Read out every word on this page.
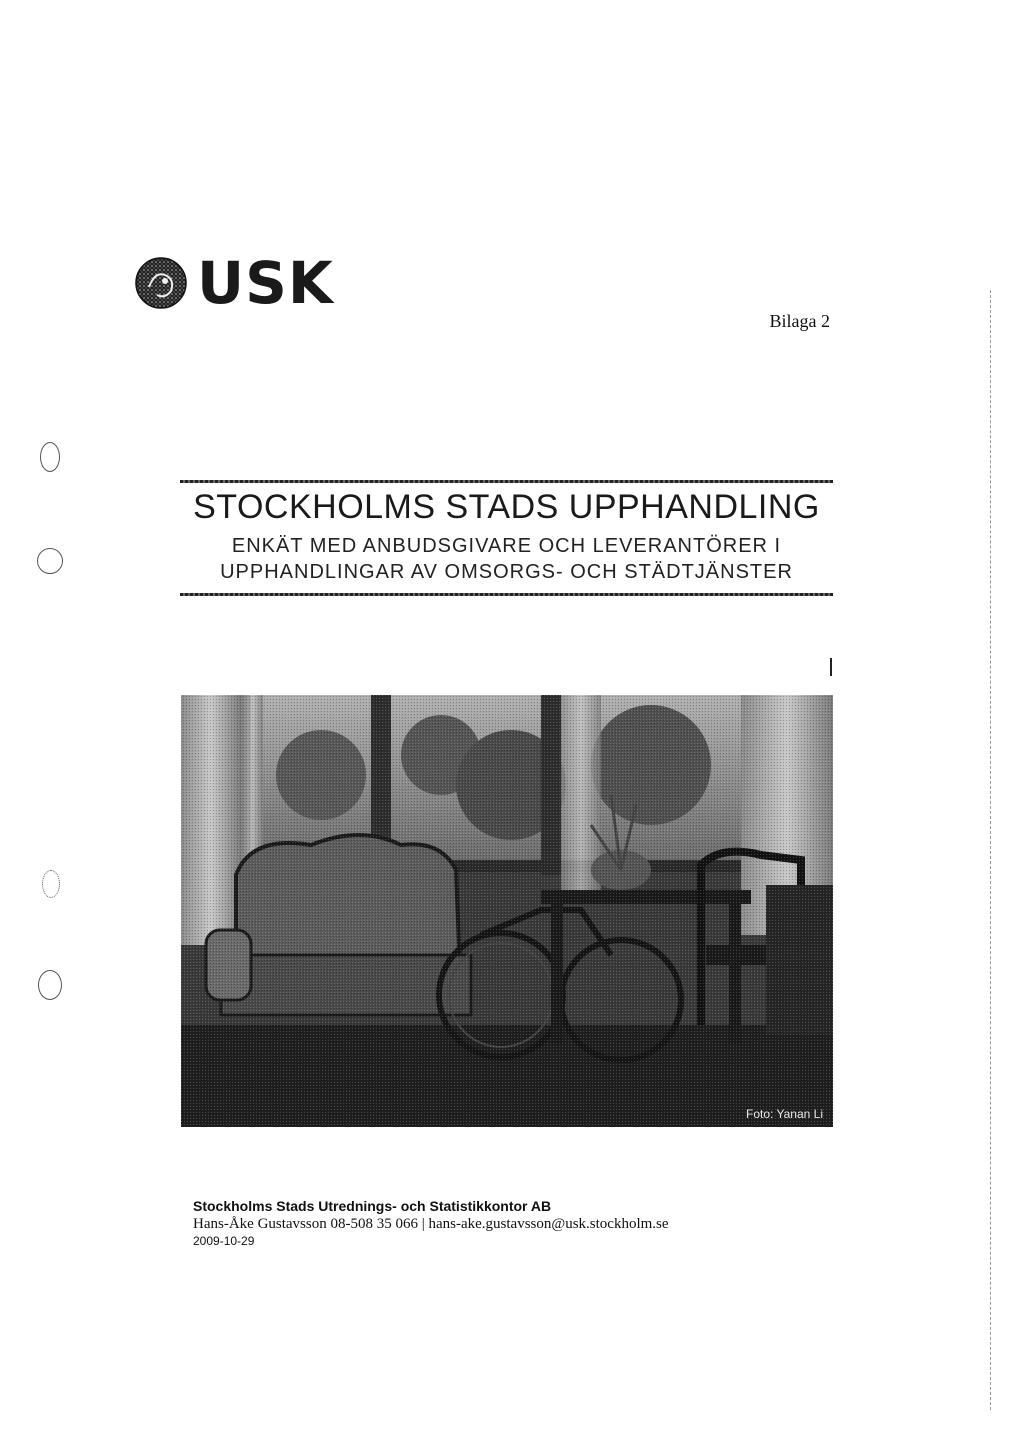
USK
Bilaga 2
STOCKHOLMS STADS UPPHANDLING
ENKÄT MED ANBUDSGIVARE OCH LEVERANTÖRER I
UPPHANDLINGAR AV OMSORGS- OCH STÄDTJÄNSTER
Foto: Yanan Li
Stockholms Stads Utrednings- och Statistikkontor AB
Hans-Åke Gustavsson 08-508 35 066 | hans-ake.gustavsson@usk.stockholm.se
2009-10-29
